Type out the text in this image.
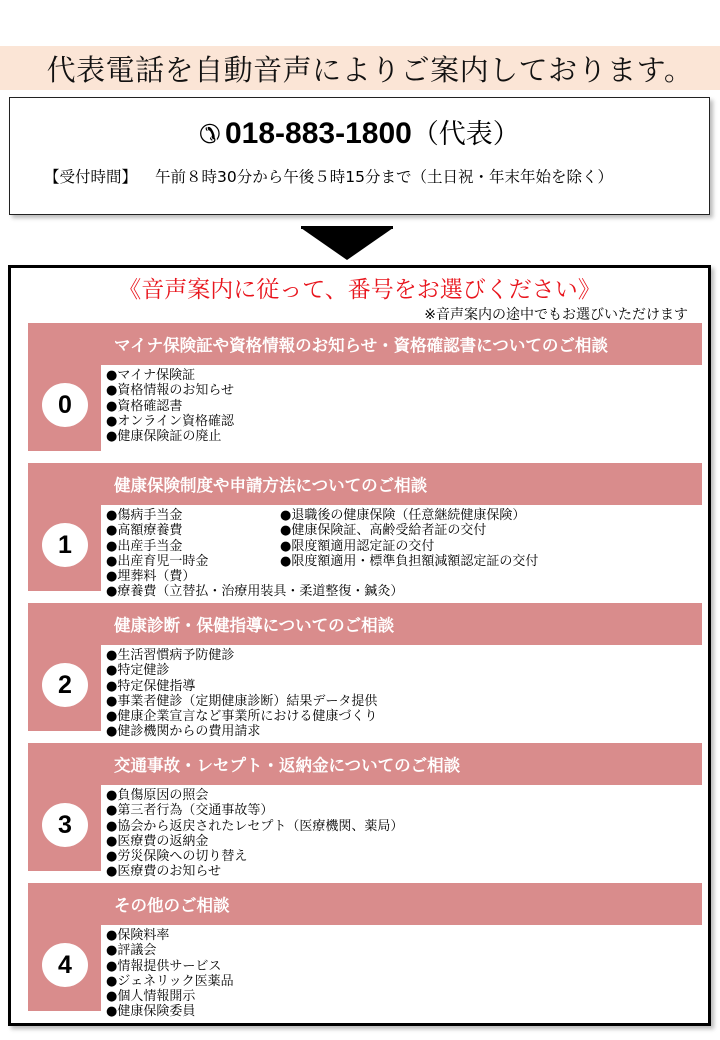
代表電話を自動音声によりご案内しております。
✆ 018-883-1800（代表）
【受付時間】 午前８時30分から午後５時15分まで（土日祝・年末年始を除く）
《音声案内に従って、番号をお選びください》
※音声案内の途中でもお選びいただけます
マイナ保険証や資格情報のお知らせ・資格確認書についてのご相談
0
●マイナ保険証
●資格情報のお知らせ
●資格確認書
●オンライン資格確認
●健康保険証の廃止
健康保険制度や申請方法についてのご相談
1
●傷病手当金
●高額療養費
●出産手当金
●出産育児一時金
●埋葬料（費）
●療養費（立替払・治療用装具・柔道整復・鍼灸）
●退職後の健康保険（任意継続健康保険）
●健康保険証、高齢受給者証の交付
●限度額適用認定証の交付
●限度額適用・標準負担額減額認定証の交付
健康診断・保健指導についてのご相談
2
●生活習慣病予防健診
●特定健診
●特定保健指導
●事業者健診（定期健康診断）結果データ提供
●健康企業宣言など事業所における健康づくり
●健診機関からの費用請求
交通事故・レセプト・返納金についてのご相談
3
●負傷原因の照会
●第三者行為（交通事故等）
●協会から返戻されたレセプト（医療機関、薬局）
●医療費の返納金
●労災保険への切り替え
●医療費のお知らせ
その他のご相談
4
●保険料率
●評議会
●情報提供サービス
●ジェネリック医薬品
●個人情報開示
●健康保険委員
